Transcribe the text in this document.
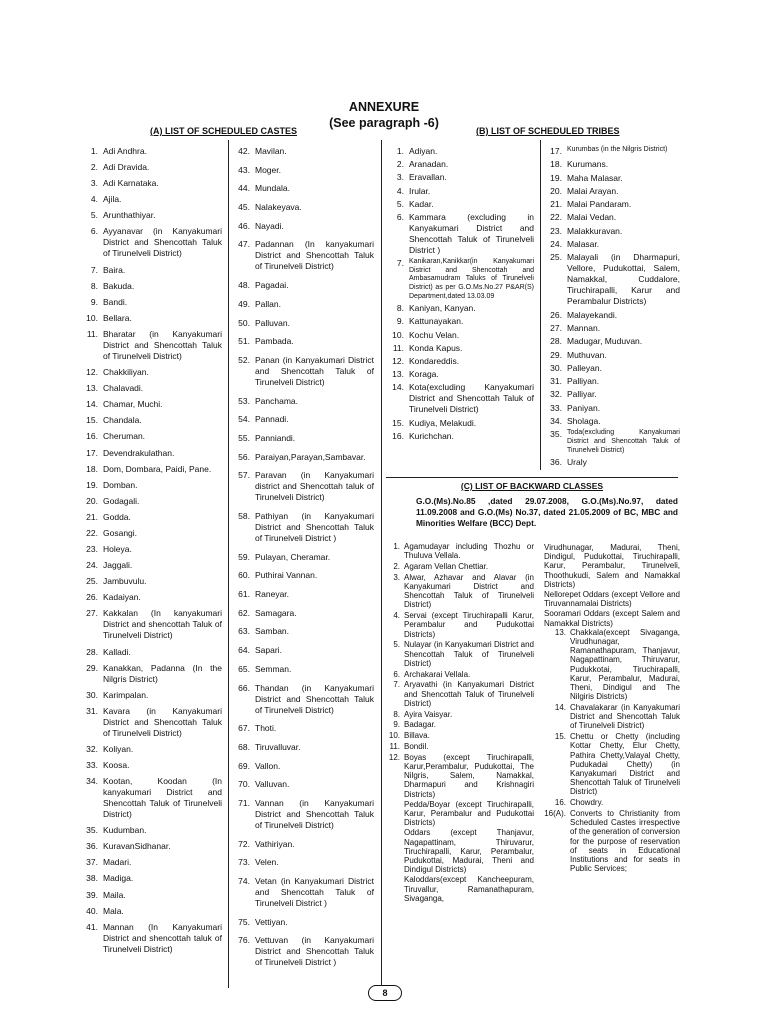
ANNEXURE
(See paragraph -6)
(A) LIST OF SCHEDULED CASTES	(B) LIST OF SCHEDULED TRIBES
1. Adi Andhra.
2. Adi Dravida.
3. Adi Karnataka.
4. Ajila.
5. Arunthathiyar.
6. Ayyanavar (in Kanyakumari District and Shencottah Taluk of Tirunelveli District)
7. Baira.
8. Bakuda.
9. Bandi.
10. Bellara.
11. Bharatar (in Kanyakumari District and Shencottah Taluk of Tirunelveli District)
12. Chakkiliyan.
13. Chalavadi.
14. Chamar, Muchi.
15. Chandala.
16. Cheruman.
17. Devendrakulathan.
18. Dom, Dombara, Paidi, Pane.
19. Domban.
20. Godagali.
21. Godda.
22. Gosangi.
23. Holeya.
24. Jaggali.
25. Jambuvulu.
26. Kadaiyan.
27. Kakkalan (In kanyakumari District and shencottah Taluk of Tirunelveli District)
28. Kalladi.
29. Kanakkan, Padanna (In the Nilgris District)
30. Karimpalan.
31. Kavara (in Kanyakumari District and Shencottah Taluk of Tirunelveli District)
32. Koliyan.
33. Koosa.
34. Kootan, Koodan (In kanyakumari District and Shencottah Taluk of Tirunelveli District)
35. Kudumban.
36. KuravanSidhanar.
37. Madari.
38. Madiga.
39. Maila.
40. Mala.
41. Mannan (In Kanyakumari District and shencottah taluk of Tirunelveli District)
42. Mavilan.
43. Moger.
44. Mundala.
45. Nalakeyava.
46. Nayadi.
47. Padannan (In kanyakumari District and Shencottah Taluk of Tirunelveli District)
48. Pagadai.
49. Pallan.
50. Palluvan.
51. Pambada.
52. Panan (in Kanyakumari District and Shencottah Taluk of Tirunelveli District)
53. Panchama.
54. Pannadi.
55. Panniandi.
56. Paraiyan,Parayan,Sambavar.
57. Paravan (in Kanyakumari district and Shencottah taluk of Tirunelveli District)
58. Pathiyan (in Kanyakumari District and Shencottah Taluk of Tirunelveli District )
59. Pulayan, Cheramar.
60. Puthirai Vannan.
61. Raneyar.
62. Samagara.
63. Samban.
64. Sapari.
65. Semman.
66. Thandan (in Kanyakumari District and Shencottah Taluk of Tirunelveli District)
67. Thoti.
68. Tiruvalluvar.
69. Vallon.
70. Valluvan.
71. Vannan (in Kanyakumari District and Shencottah Taluk of Tirunelveli District)
72. Vathiriyan.
73. Velen.
74. Vetan (in Kanyakumari District and Shencottah Taluk of Tirunelveli District )
75. Vettiyan.
76. Vettuvan (in Kanyakumari District and Shencottah Taluk of Tirunelveli District )
1. Adiyan.
2. Aranadan.
3. Eravallan.
4. Irular.
5. Kadar.
6. Kammara (excluding in Kanyakumari District and Shencottah Taluk of Tirunelveli District )
7. Kanikaran,Kanikkar(in Kanyakumari District and Shencottah and Ambasamudram Taluks of Tirunelveli District) as per G.O.Ms.No.27 P&AR(S) Department,dated 13.03.09
8. Kaniyan, Kanyan.
9. Kattunayakan.
10. Kochu Velan.
11. Konda Kapus.
12. Kondareddis.
13. Koraga.
14. Kota(excluding Kanyakumari District and Shencottah Taluk of Tirunelveli District)
15. Kudiya, Melakudi.
16. Kurichchan.
17. Kurumbas (in the Nilgris District)
18. Kurumans.
19. Maha Malasar.
20. Malai Arayan.
21. Malai Pandaram.
22. Malai Vedan.
23. Malakkuravan.
24. Malasar.
25. Malayali (in Dharmapuri, Vellore, Pudukottai, Salem, Namakkal, Cuddalore, Tiruchirapalli, Karur and Perambalur Districts)
26. Malayekandi.
27. Mannan.
28. Madugar, Muduvan.
29. Muthuvan.
30. Palleyan.
31. Palliyan.
32. Palliyar.
33. Paniyan.
34. Sholaga.
35. Toda(excluding Kanyakumari District and Shencottah Taluk of Tirunelveli District)
36. Uraly
(C) LIST OF BACKWARD CLASSES
G.O.(Ms).No.85 ,dated 29.07.2008, G.O.(Ms).No.97, dated 11.09.2008 and G.O.(Ms) No.37, dated 21.05.2009 of BC, MBC and Minorities Welfare (BCC) Dept.
1. Agamudayar including Thozhu or Thuluva Vellala.
2. Agaram Vellan Chettiar.
3. Alwar, Azhavar and Alavar (in Kanyakumari District and Shencottah Taluk of Tirunelveli District)
4. Servai (except Tiruchirapalli Karur, Perambalur and Pudukottai Districts)
5. Nulayar (in Kanyakumari District and Shencottah Taluk of Tirunelveli District)
6. Archakarai Vellala.
7. Aryavathi (in Kanyakumari District and Shencottah Taluk of Tirunelveli District)
8. Ayira Vaisyar.
9. Badagar.
10. Billava.
11. Bondil.
12. Boyas (except Tiruchirapalli, Karur,Perambalur, Pudukottai, The Nilgris, Salem, Namakkal, Dharmapuri and Krishnagiri Districts)
Pedda/Boyar (except Tiruchirapalli, Karur, Perambalur and Pudukottai Districts)
Oddars (except Thanjavur, Nagapattinam, Thiruvarur, Tiruchirapalli, Karur, Perambalur, Pudukottai, Madurai, Theni and Dindigul Districts)
Kaloddars(except Kancheepuram, Tiruvallur, Ramanathapuram, Sivaganga,
Virudhunagar, Madurai, Theni, Dindigul, Pudukottai, Tiruchirapalli, Karur, Perambalur, Tirunelveli, Thoothukudi, Salem and Namakkal Districts)
Nellorepet Oddars (except Vellore and Tiruvannamalai Districts)
Sooramari Oddars (except Salem and Namakkal Districts)
13. Chakkala(except Sivaganga, Virudhunagar, Ramanathapuram, Thanjavur, Nagapattinam, Thiruvarur, Pudukkotai, Tiruchirapalli, Karur, Perambalur, Madurai, Theni, Dindigul and The Nilgiris Districts)
14. Chavalakarar (in Kanyakumari District and Shencottah Taluk of Tirunelveli District)
15. Chettu or Chetty (including Kottar Chetty, Elur Chetty, Pathira Chetty,Valayal Chetty, Pudukadai Chetty) (in Kanyakumari District and Shencottah Taluk of Tirunelveli District)
16. Chowdry.
16(A). Converts to Christianity from Scheduled Castes irrespective of the generation of conversion for the purpose of reservation of seats in Educational Institutions and for seats in Public Services;
8
